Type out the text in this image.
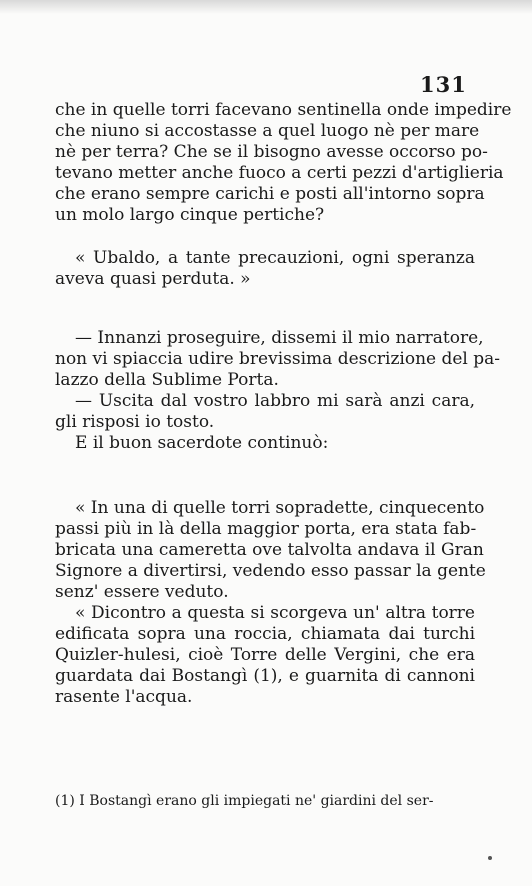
131
che in quelle torri facevano sentinella onde impedire
che niuno si accostasse a quel luogo nè per mare
nè per terra? Che se il bisogno avesse occorso po-
tevano metter anche fuoco a certi pezzi d'artiglieria
che erano sempre carichi e posti all'intorno sopra
un molo largo cinque pertiche?
« Ubaldo, a tante precauzioni, ogni speranza
aveva quasi perduta. »
— Innanzi proseguire, dissemi il mio narratore,
non vi spiaccia udire brevissima descrizione del pa-
lazzo della Sublime Porta.
— Uscita dal vostro labbro mi sarà anzi cara,
gli risposi io tosto.
E il buon sacerdote continuò:
« In una di quelle torri sopradette, cinquecento
passi più in là della maggior porta, era stata fab-
bricata una cameretta ove talvolta andava il Gran
Signore a divertirsi, vedendo esso passar la gente
senz' essere veduto.
« Dicontro a questa si scorgeva un' altra torre
edificata sopra una roccia, chiamata dai turchi
Quizler-hulesi, cioè Torre delle Vergini, che era
guardata dai Bostangì (1), e guarnita di cannoni
rasente l'acqua.
(1) I Bostangì erano gli impiegati ne' giardini del ser-
